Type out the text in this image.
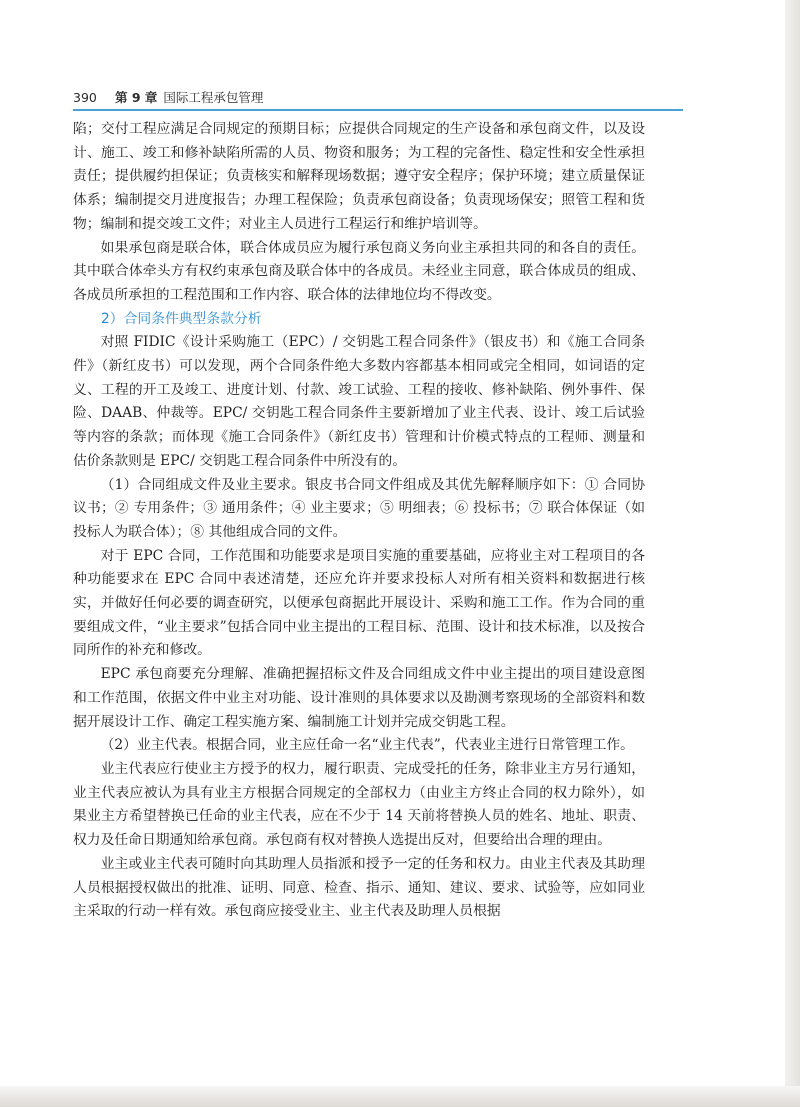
390 第 9 章 国际工程承包管理

陷；交付工程应满足合同规定的预期目标；应提供合同规定的生产设备和承包商文件，以及设计、施工、竣工和修补缺陷所需的人员、物资和服务；为工程的完备性、稳定性和安全性承担责任；提供履约担保证；负责核实和解释现场数据；遵守安全程序；保护环境；建立质量保证体系；编制提交月进度报告；办理工程保险；负责承包商设备；负责现场保安；照管工程和货物；编制和提交竣工文件；对业主人员进行工程运行和维护培训等。

如果承包商是联合体，联合体成员应为履行承包商义务向业主承担共同的和各自的责任。其中联合体牵头方有权约束承包商及联合体中的各成员。未经业主同意，联合体成员的组成、各成员所承担的工程范围和工作内容、联合体的法律地位均不得改变。

2）合同条件典型条款分析

对照 FIDIC《设计采购施工（EPC）/ 交钥匙工程合同条件》（银皮书）和《施工合同条件》（新红皮书）可以发现，两个合同条件绝大多数内容都基本相同或完全相同，如词语的定义、工程的开工及竣工、进度计划、付款、竣工试验、工程的接收、修补缺陷、例外事件、保险、DAAB、仲裁等。EPC/ 交钥匙工程合同条件主要新增加了业主代表、设计、竣工后试验等内容的条款；而体现《施工合同条件》（新红皮书）管理和计价模式特点的工程师、测量和估价条款则是 EPC/ 交钥匙工程合同条件中所没有的。

（1）合同组成文件及业主要求。银皮书合同文件组成及其优先解释顺序如下：① 合同协议书；② 专用条件；③ 通用条件；④ 业主要求；⑤ 明细表；⑥ 投标书；⑦ 联合体保证（如投标人为联合体）；⑧ 其他组成合同的文件。

对于 EPC 合同，工作范围和功能要求是项目实施的重要基础，应将业主对工程项目的各种功能要求在 EPC 合同中表述清楚，还应允许并要求投标人对所有相关资料和数据进行核实，并做好任何必要的调查研究，以便承包商据此开展设计、采购和施工工作。作为合同的重要组成文件，“业主要求”包括合同中业主提出的工程目标、范围、设计和技术标准，以及按合同所作的补充和修改。

EPC 承包商要充分理解、准确把握招标文件及合同组成文件中业主提出的项目建设意图和工作范围，依据文件中业主对功能、设计准则的具体要求以及勘测考察现场的全部资料和数据开展设计工作、确定工程实施方案、编制施工计划并完成交钥匙工程。

（2）业主代表。根据合同，业主应任命一名“业主代表”，代表业主进行日常管理工作。

业主代表应行使业主方授予的权力，履行职责、完成受托的任务，除非业主方另行通知，业主代表应被认为具有业主方根据合同规定的全部权力（由业主方终止合同的权力除外），如果业主方希望替换已任命的业主代表，应在不少于 14 天前将替换人员的姓名、地址、职责、权力及任命日期通知给承包商。承包商有权对替换人选提出反对，但要给出合理的理由。

业主或业主代表可随时向其助理人员指派和授予一定的任务和权力。由业主代表及其助理人员根据授权做出的批准、证明、同意、检查、指示、通知、建议、要求、试验等，应如同业主采取的行动一样有效。承包商应接受业主、业主代表及助理人员根据
